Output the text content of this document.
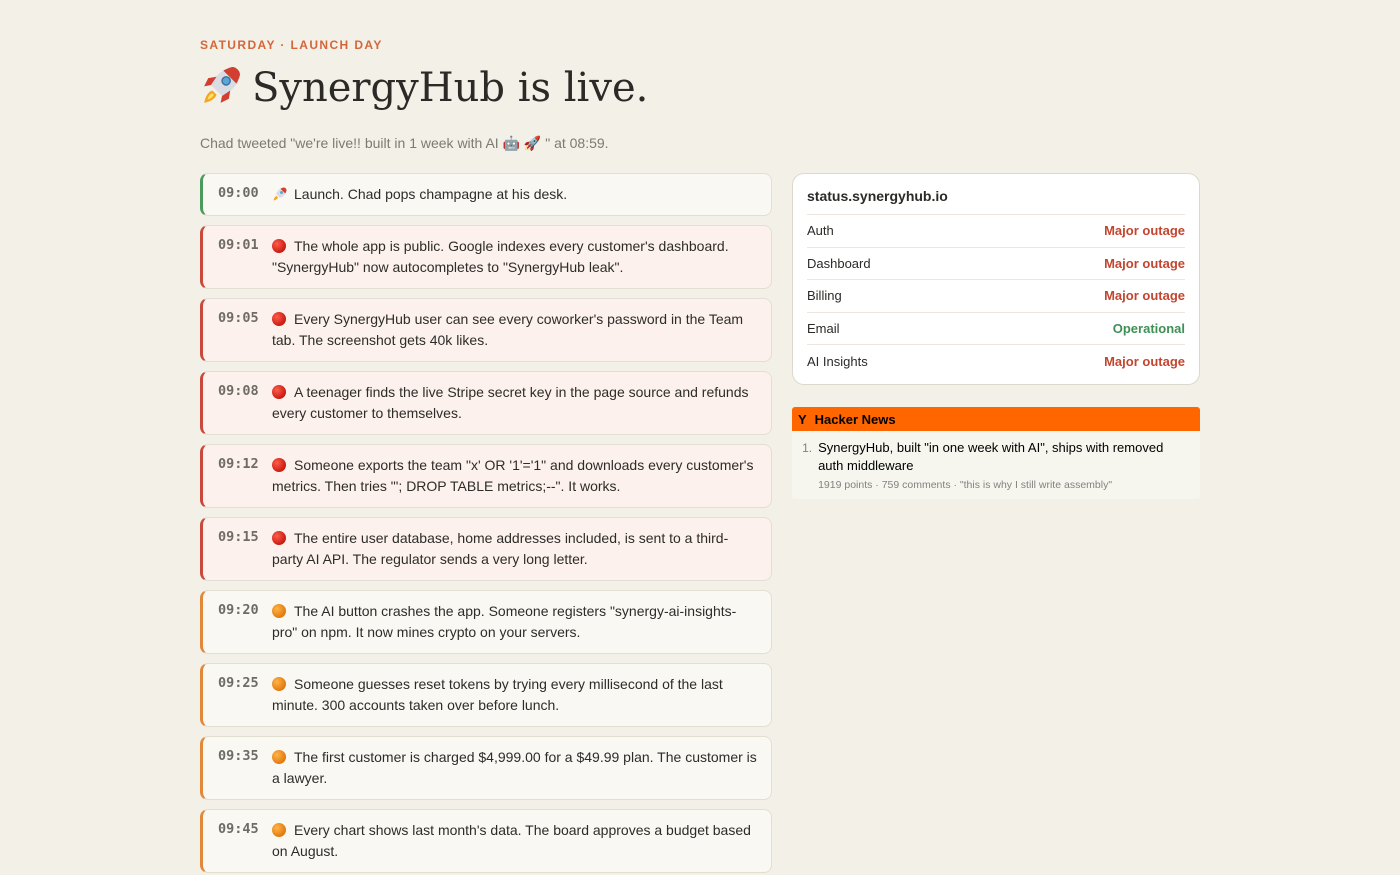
SATURDAY · LAUNCH DAY
SynergyHub is live.
Chad tweeted "we're live!! built in 1 week with AI 🤖 🚀 " at 08:59.
09:00	Launch. Chad pops champagne at his desk.
09:01	The whole app is public. Google indexes every customer's dashboard. "SynergyHub" now autocompletes to "SynergyHub leak".
09:05	Every SynergyHub user can see every coworker's password in the Team tab. The screenshot gets 40k likes.
09:08	A teenager finds the live Stripe secret key in the page source and refunds every customer to themselves.
09:12	Someone exports the team "x' OR '1'='1" and downloads every customer's metrics. Then tries "'; DROP TABLE metrics;--". It works.
09:15	The entire user database, home addresses included, is sent to a third-party AI API. The regulator sends a very long letter.
09:20	The AI button crashes the app. Someone registers "synergy-ai-insights-pro" on npm. It now mines crypto on your servers.
09:25	Someone guesses reset tokens by trying every millisecond of the last minute. 300 accounts taken over before lunch.
09:35	The first customer is charged $4,999.00 for a $49.99 plan. The customer is a lawyer.
09:45	Every chart shows last month's data. The board approves a budget based on August.
status.synergyhub.io
Auth	Major outage
Dashboard	Major outage
Billing	Major outage
Email	Operational
AI Insights	Major outage
Y Hacker News
1. SynergyHub, built "in one week with AI", ships with removed auth middleware
1919 points · 759 comments · "this is why I still write assembly"
